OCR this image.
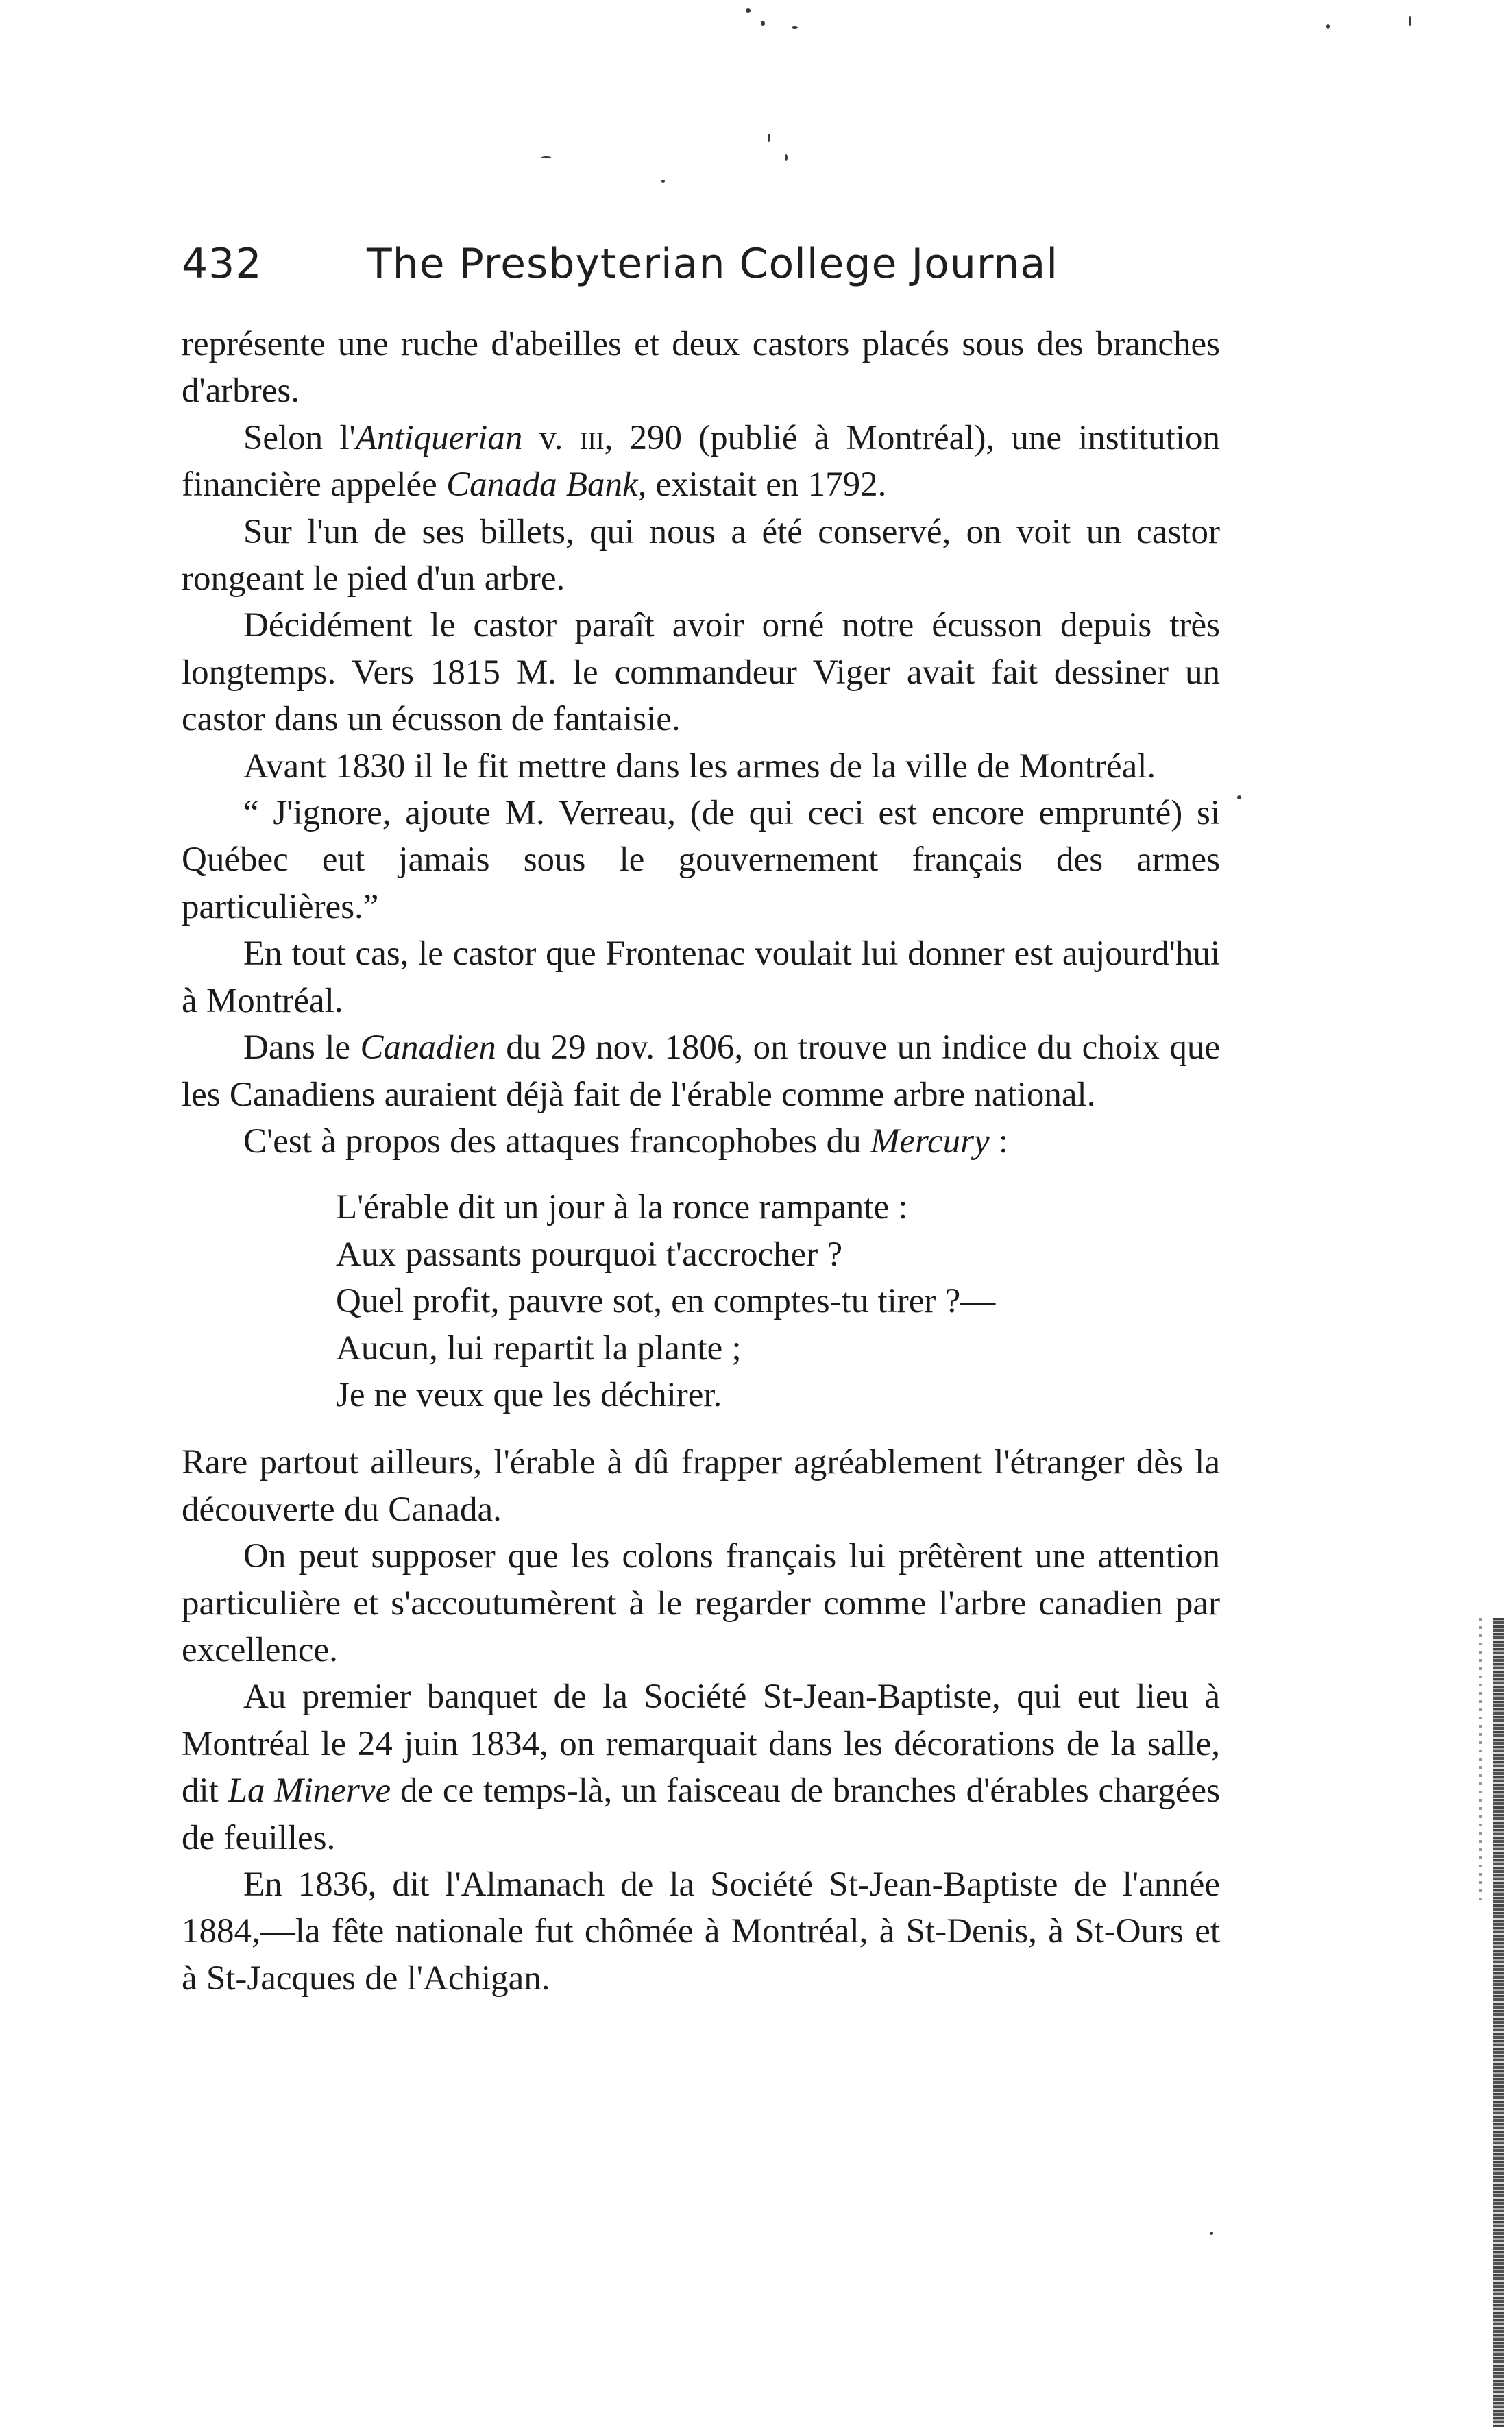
432	The Presbyterian College Journal

représente une ruche d'abeilles et deux castors placés sous des branches d'arbres.

Selon l'Antiquerian v. iii, 290 (publié à Montréal), une institution financière appelée Canada Bank, existait en 1792.

Sur l'un de ses billets, qui nous a été conservé, on voit un castor rongeant le pied d'un arbre.

Décidément le castor paraît avoir orné notre écusson depuis très longtemps. Vers 1815 M. le commandeur Viger avait fait dessiner un castor dans un écusson de fantaisie.

Avant 1830 il le fit mettre dans les armes de la ville de Montréal.

“ J'ignore, ajoute M. Verreau, (de qui ceci est encore emprunté) si Québec eut jamais sous le gouvernement français des armes particulières.”

En tout cas, le castor que Frontenac voulait lui donner est aujourd'hui à Montréal.

Dans le Canadien du 29 nov. 1806, on trouve un indice du choix que les Canadiens auraient déjà fait de l'érable comme arbre national.

C'est à propos des attaques francophobes du Mercury :

L'érable dit un jour à la ronce rampante :
Aux passants pourquoi t'accrocher ?
Quel profit, pauvre sot, en comptes-tu tirer ?—
Aucun, lui repartit la plante ;
Je ne veux que les déchirer.

Rare partout ailleurs, l'érable à dû frapper agréablement l'étranger dès la découverte du Canada.

On peut supposer que les colons français lui prêtèrent une attention particulière et s'accoutumèrent à le regarder comme l'arbre canadien par excellence.

Au premier banquet de la Société St-Jean-Baptiste, qui eut lieu à Montréal le 24 juin 1834, on remarquait dans les décorations de la salle, dit La Minerve de ce temps-là, un faisceau de branches d'érables chargées de feuilles.

En 1836, dit l'Almanach de la Société St-Jean-Baptiste de l'année 1884,—la fête nationale fut chômée à Montréal, à St-Denis, à St-Ours et à St-Jacques de l'Achigan.
